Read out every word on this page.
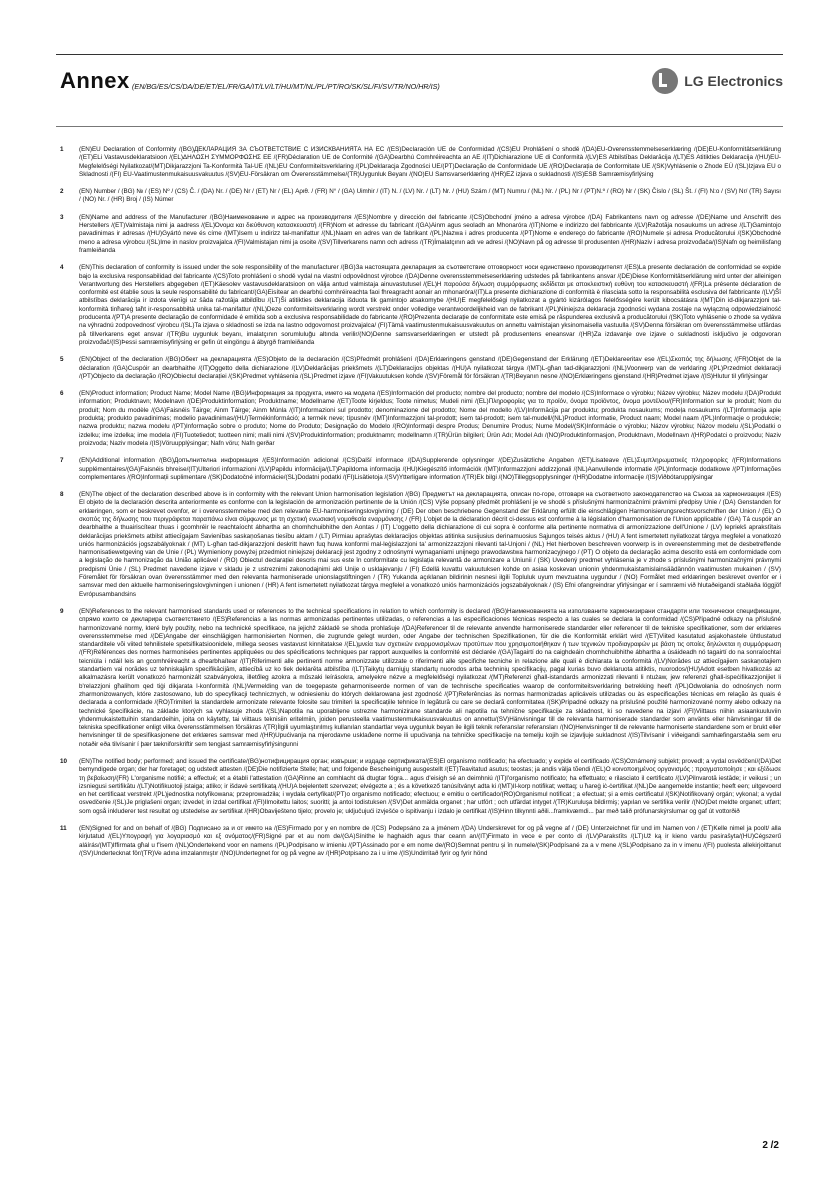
Annex (EN/BG/ES/CS/DA/DE/ET/EL/FR/GA/IT/LV/LT/HU/MT/NL/PL/PT/RO/SK/SL/FI/SV/TR/NO/HR/IS)	LG Electronics
1	(EN)EU Declaration of Conformity /(BG)ДЕКЛАРАЦИЯ ЗА СЪОТВЕТСТВИЕ С ИЗИСКВАНИЯТА НА ЕС /(ES)Declaración UE de Conformidad /(CS)EU Prohlášení o shodě /(DA)EU-Overensstemmelseserklæring /(DE)EU-Konformitätserklärung /(ET)ELi Vastavusdeklaratsioon /(EL)ΔΗΛΩΣΗ ΣΥΜΜΟΡΦΩΣΗΣ ΕΕ /(FR)Déclaration UE de Conformité /(GA)Dearbhú Comhréireachta an AE /(IT)Dichiarazione UE di Conformità /(LV)ES Atbilstības Deklarācija /(LT)ES Atitikties Deklaracija /(HU)EU-Megfelelőségi Nyilatkozat/(MT)Dikjarazzjoni Ta-Konformità Tal-UE /(NL)EU Conformiteitsverklaring /(PL)Deklaracja Zgodności UE/(PT)Declaração de Conformidade UE /(RO)Declarația de Conformitate UE /(SK)Vyhlásenie o Zhode EÚ /(SL)Izjava EU o Skladnosti /(FI) EU-Vaatimustenmukaisuusvakuutus /(SV)EU-Försäkran om Överensstämmelse/(TR)Uygunluk Beyanı /(NO)EU Samsvarserklæring /(HR)EZ izjava o sukladnosti /(IS)ESB Samræmisyfirlýsing
2	(EN) Number / (BG) № / (ES) Nº / (CS) Č. / (DA) Nr. / (DE) Nr / (ET) Nr / (EL) Αριθ. / (FR) N° / (GA) Uimhir / (IT) N. / (LV) Nr. / (LT) Nr. / (HU) Szám / (MT) Numru / (NL) Nr. / (PL) Nr / (PT)N.º / (RO) Nr / (SK) Číslo / (SL) Št. / (FI) N:o / (SV) Nr/ (TR) Sayısı / (NO) Nr. / (HR) Broj / (IS) Númer
3	(EN)Name and address of the Manufacturer /(BG)Наименование и адрес на производителя /(ES)Nombre y dirección del fabricante /(CS)Obchodní jméno a adresa výrobce /(DA) Fabrikantens navn og adresse /(DE)Name und Anschrift des Herstellers /(ET)Valmistaja nimi ja aadress /(EL)Όνομα και διεύθυνση κατασκευαστή /(FR)Nom et adresse du fabricant /(GA)Ainm agus seoladh an Mhonaróra /(IT)Nome e indirizzo del fabbricante /(LV)Ražotāja nosaukums un adrese /(LT)Gamintojo pavadinimas ir adresas /(HU)Gyártó neve és címe /(MT)Isem u indirizz tal-manifattur /(NL)Naam en adres van de fabrikant /(PL)Nazwa i adres producenta /(PT)Nome e endereço do fabricante /(RO)Numele și adresa Producătorului /(SK)Obchodné meno a adresa výrobcu /(SL)Ime in naslov proizvajalca /(FI)Valmistajan nimi ja osoite /(SV)Tillverkarens namn och adress /(TR)İmalatçının adı ve adresi /(NO)Navn på og adresse til produsenten /(HR)Naziv i adresa proizvođača/(IS)Nafn og heimilisfang framleiðanda
4	(EN)This declaration of conformity is issued under the sole responsibility of the manufacturer /(BG)За настоящата декларация за съответствие отговорност носи единствено производителят /(ES)La presente declaración de conformidad se expide bajo la exclusiva responsabilidad del fabricante /(CS)Toto prohlášení o shodě vydal na vlastní odpovědnost výrobce /(DA)Denne overensstemmelseserklæring udstedes på fabrikantens ansvar /(DE)Diese Konformitätserklärung wird unter der alleinigen Verantwortung des Herstellers abgegeben /(ET)Käesolev vastavusdeklaratsioon on välja antud valmistaja ainuvastutusel /(EL)Η παρούσα δήλωση συμμόρφωσης εκδίδεται με αποκλειστική ευθύνη του κατασκευαστή /(FR)La présente déclaration de conformité est établie sous la seule responsabilité du fabricant/(GA)Eisítear an dearbhú comhréireachta faoi fhreagracht aonair an mhonaróra/(IT)La presente dichiarazione di conformità è rilasciata sotto la responsabilità esclusiva del fabbricante /(LV)Šī atbilstības deklarācija ir izdota vienīgi uz šāda ražotāja atbildību /(LT)Ši atitikties deklaracija išduota tik gamintojo atsakomybe /(HU)E megfelelőségi nyilatkozat a gyártó kizárólagos felelősségére került kibocsátásra /(MT)Din id-dikjarazzjoni tal-konformità tinħareġ taħt ir-responsabbiltà unika tal-manifattur /(NL)Deze conformiteitsverklaring wordt verstrekt onder volledige verantwoordelijkheid van de fabrikant /(PL)Niniejsza deklaracja zgodności wydana zostaje na wyłączną odpowiedzialność producenta /(PT)A presente declaração de conformidade é emitida sob a exclusiva responsabilidade do fabricante /(RO)Prezenta declarație de conformitate este emisă pe răspunderea exclusivă a producătorului /(SK)Toto vyhlásenie o zhode sa vydáva na výhradnú zodpovednosť výrobcu /(SL)Ta izjava o skladnosti se izda na lastno odgovornost proizvajalca/ (FI)Tämä vaatimustenmukaisuusvakuutus on annettu valmistajan yksinomaisella vastuulla /(SV)Denna försäkran om överensstämmelse utfärdas på tillverkarens eget ansvar /(TR)Bu uygunluk beyanı, imalatçının sorumluluğu altında verilir/(NO)Denne samsvarserklæringen er utstedt på produsentens eneansvar /(HR)Za izdavanje ove izjave o sukladnosti isključivo je odgovoran proizvođač/(IS)Þessi samræmisyfirlýsing er gefin út eingöngu á ábyrgð framleiðanda
5	(EN)Object of the declaration /(BG)Обект на декларацията /(ES)Objeto de la declaración /(CS)Předmět prohlášení /(DA)Erklæringens genstand /(DE)Gegenstand der Erklärung /(ET)Deklareeritav ese /(EL)Σκοπός της δήλωσης /(FR)Objet de la déclaration /(GA)Cuspóir an dearbhaithe /(IT)Oggetto della dichiarazione /(LV)Deklarācijas priekšmets /(LT)Deklaracijos objektas /(HU)A nyilatkozat tárgya /(MT)L-għan tad-dikjarazzjoni /(NL)Voorwerp van de verklaring /(PL)Przedmiot deklaracji /(PT)Objecto da declaração /(RO)Obiectul declarației /(SK)Predmet vyhlásenia /(SL)Predmet izjave /(FI)Vakuutuksen kohde /(SV)Föremål för försäkran /(TR)Beyanın nesne /(NO)Erklæringens gjenstand /(HR)Predmet izjave /(IS)Hlutur til yfirlýsingar
6	(EN)Product information; Product Name; Model Name /(BG)Информация за продукта, името на модела /(ES)Información del producto; nombre del producto; nombre del modelo /(CS)Informace o výrobku; Název výrobku; Název modelu /(DA)Produkt information; Produktnavn; Modelnavn /(DE)Produktinformation; Produktname; Modellname /(ET)Toote kirjeldus; Toote nimetus; Mudeli nimi /(EL)Πληροφορίες για το προϊόν, όνομα προϊόντος, όνομα μοντέλου/(FR)Information sur le produit; Nom du produit; Nom du modèle /(GA)Faisnéis Táirge; Ainm Táirge; Ainm Múnla /(IT)Informazioni sul prodotto; denominazione del prodotto; Nome del modello /(LV)Informācija par produktu; produkta nosaukums; modeļa nosaukums /(LT)Informacija apie produktą; produkto pavadinimas; modelio pavadinimas/(HU)Termékinformáció; a termék neve; típusnév /(MT)Informazzjoni tal-prodott; isem tal-prodott; isem tal-mudell/(NL)Product informatie, Product naam; Model naam /(PL)Informacje o produkcie; nazwa produktu; nazwa modelu /(PT)Informação sobre o produto; Nome do Produto; Designação do Modelo /(RO)Informații despre Produs; Denumire Produs; Nume Model/(SK)Informácie o výrobku; Názov výrobku; Názov modelu /(SL)Podatki o izdelku; ime izdelka; ime modela /(FI)Tuotetiedot; tuotteen nimi; malli nimi /(SV)Produktinformation; produktnamn; modellnamn /(TR)Ürün bilgileri; Ürün Adı; Model Adı /(NO)Produktinformasjon, Produktnavn, Modellnavn /(HR)Podatci o proizvodu; Naziv proizvoda; Naziv modela /(IS)Vöruupplýsingar; Nafn vöru; Nafn gerðar
7	(EN)Additional information /(BG)Допълнителна информация /(ES)Información adicional /(CS)Další informace /(DA)Supplerende oplysninger /(DE)Zusätzliche Angaben /(ET)Lisateave /(EL)Συμπληρωματικές πληροφορίες /(FR)Informations supplémentaires/(GA)Faisnéis bhreise/(IT)Ulteriori informazioni /(LV)Papildu informācija/(LT)Papildoma informacija /(HU)Kiegészítő információk /(MT)Informazzjoni addizzjonali /(NL)Aanvullende informatie /(PL)Informacje dodatkowe /(PT)Informações complementares /(RO)Informații suplimentare /(SK)Dodatočné informácie/(SL)Dodatni podatki /(FI)Lisätietoja /(SV)Ytterligare information /(TR)Ek bilgi /(NO)Tilleggsopplysninger /(HR)Dodatne informacije /(IS)Viðbótarupplýsingar
8	(EN)The object of the declaration described above is in conformity with the relevant Union harmonisation legislation /(BG) Предметът на декларацията, описан по-горе, отговаря на съответното законодателство на Съюза за хармонизация /(ES) El objeto de la declaración descrita anteriormente es conforme con la legislación de armonización pertinente de la Unión /(CS) Výše popsaný předmět prohlášení je ve shodě s příslušnými harmonizačními právními předpisy Unie / (DA) Genstanden for erklæringen, som er beskrevet ovenfor, er i overensstemmelse med den relevante EU-harmoniseringslovgivning / (DE) Der oben beschriebene Gegenstand der Erklärung erfüllt die einschlägigen Harmonisierungsrechtsvorschriften der Union / (EL) Ο σκοπός της δήλωσης που περιγράφεται παραπάνω είναι σύμφωνος με τη σχετική ενωσιακή νομοθεσία εναρμόνισης / (FR) L'objet de la déclaration décrit ci-dessus est conforme à la législation d'harmonisation de l'Union applicable / (GA) Tá cuspóir an dearbhaithe a thuairiscítear thuas i gcomhréir le reachtaíocht ábhartha an chomhchuibhithe den Aontas / (IT) L'oggetto della dichiarazione di cui sopra è conforme alla pertinente normativa di armonizzazione dell'Unione / (LV) Iepriekš aprakstītais deklarācijas priekšmets atbilst attiecīgajam Savienības saskaņošanas tiesību aktam / (LT) Pirmiau aprašytas deklaracijos objektas atitinka susijusius derinamuosius Sąjungos teisės aktus / (HU) A fent ismertetett nyilatkozat tárgya megfelel a vonatkozó uniós harmonizációs jogszabályoknak / (MT) L-għan tad-dikjarazzjoni deskritt hawn fuq huwa konformi mal-leġislazzjoni ta' armonizzazzjoni rilevanti tal-Unjoni / (NL) Het hierboven beschreven voorwerp is in overeenstemming met de desbetreffende harmonisatiewetgeving van de Unie / (PL) Wymieniony powyżej przedmiot niniejszej deklaracji jest zgodny z odnośnymi wymaganiami unijnego prawodawstwa harmonizacyjnego / (PT) O objeto da declaração acima descrito está em conformidade com a legislação de harmonização da União aplicável / (RO) Obiectul declarației descris mai sus este în conformitate cu legislația relevantă de armonizare a Uniunii / (SK) Uvedený predmet vyhlásenia je v zhode s príslušnými harmonizačnými právnymi predpismi Únie / (SL) Predmet navedene izjave v skladu je z ustreznimi zakonodajnimi akti Unije o usklajevanju / (FI) Edellä kuvattu vakuutuksen kohde on asiaa koskevan unionin yhdenmukaistamislainsäädännön vaatimusten mukainen / (SV) Föremålet för försäkran ovan överensstämmer med den relevanta harmoniserade unionslagstiftningen / (TR) Yukarıda açıklanan bildirinin nesnesi ilgili Topluluk uyum mevzuatına uygundur / (NO) Formålet med erklæringen beskrevet ovenfor er i samsvar med den aktuelle harmoniseringslovgivningen i unionen / (HR) A fent ismertetett nyilatkozat tárgya megfelel a vonatkozó uniós harmonizációs jogszabályoknak / (IS) Efni ofangreindrar yfirlýsingar er í samræmi við hlutaðeigandi staðlaða löggjöf Evrópusambandsins
9	(EN)References to the relevant harmonised standards used or references to the technical specifications in relation to which conformity is declared /(BG)Наименованията на използваните хармонизирани стандарти или технически спецификации, спрямо които се декларира съответствието /(ES)Referencias a las normas armonizadas pertinentes utilizadas, o referencias a las especificaciones técnicas respecto a las cuales se declara la conformidad /(CS)Případné odkazy na příslušné harmonizované normy, které byly použity, nebo na technické specifikace, na jejichž základě se shoda prohlašuje /(DA)Referencer til de relevante anvendte harmoniserede standarder eller referencer til de tekniske specifikationer, som der erklæres overensstemmelse med /(DE)Angabe der einschlägigen harmonisierten Normen, die zugrunde gelegt wurden, oder Angabe der technischen Spezifikationen, für die die Konformität erklärt wird /(ET)Viited kasutatud asjakohastele ühtlustatud standarditele või viited tehnilistele spetsifikatsioonidele, millega seoses vastavust kinnitatakse /(EL)μνεία των σχετικών εναρμονισμένων προτύπων που χρησιμοποιήθηκαν ή των τεχνικών προδιαγραφών με βάση τις οποίες δηλώνεται η συμμόρφωση /(FR)Références des normes harmonisées pertinentes appliquées ou des spécifications techniques par rapport auxquelles la conformité est déclarée /(GA)Tagairtí do na caighdeáin chomhchuibhithe ábhartha a úsáideadh nó tagairtí do na sonraíochtaí teicniúla i ndáil leis an gcomhréireacht a dhearbhaítear /(IT)Riferimenti alle pertinenti norme armonizzate utilizzate o riferimenti alle specifiche tecniche in relazione alle quali è dichiarata la conformità /(LV)Norādes uz attiecīgajiem saskaņotajiem standartiem vai norādes uz tehniskajām specifikācijām, attiecībā uz ko tiek deklarēta atbilstība /(LT)Taikytų darniųjų standartų nuorodos arba techninių specifikacijų, pagal kurias buvo deklaruota atitiktis, nuorodos/(HU)Adott esetben hivatkozás az alkalmazásra került vonatkozó harmonizált szabványokra, illetőleg azokra a műszaki leírásokra, amelyekre nézve a megfelelőségi nyilatkozat /(MT)Referenzi għall-istandards armonizzati rilevanti li ntużaw, jew referenzi għall-ispeċifikazzjonijiet li b'relazzjoni għalihom qed tiġi dikjarata l-konformità /(NL)Vermelding van de toegepaste geharmoniseerde normen of van de technische specificaties waarop de conformiteitsverklaring betrekking heeft /(PL)Odwołania do odnośnych norm zharmonizowanych, które zastosowano, lub do specyfikacji technicznych, w odniesieniu do których deklarowana jest zgodność /(PT)Referências às normas harmonizadas aplicáveis utilizadas ou às especificações técnicas em relação às quais é declarada a conformidade /(RO)Trimiteri la standardele armonizate relevante folosite sau trimiteri la specificațiile tehnice în legătură cu care se declară conformitatea /(SK)Prípadné odkazy na príslušné použité harmonizované normy alebo odkazy na technické špecifikácie, na základe ktorých sa vyhlasuje zhoda /(SL)Napotila na uporabljene ustrezne harmonizirane standarde ali napotila na tehnične specifikacije za skladnost, ki so navedene na izjavi /(FI)Viittaus niihin asiaankuuluviin yhdenmukaistettuihin standardeihin, joita on käytetty, tai viittaus teknisiin eritelmiin, joiden perusteella vaatimustenmukaisuusvakuutus on annettu/(SV)Hänvisningar till de relevanta harmoniserade standarder som använts eller hänvisningar till de tekniska specifikationer enligt vilka överensstämmelsen försäkras /(TR)İlgili uyumlaştırılmış kullanılan standartlar veya uygunluk beyan ile ilgili teknik referanslar referansları /(NO)Henvisninger til de relevante harmoniserte standardene som er brukt eller henvisninger til de spesifikasjonene det erklæres samsvar med /(HR)Upućivanja na mjerodavne usklađene norme ili upućivanja na tehničke specifikacije na temelju kojih se izjavljuje sukladnost /(IS)Tilvísanir í viðeigandi samhæfingarstaðla sem eru notaðir eða tilvísanir í þær tækniforskriftir sem tengjast samræmisyfirlýsingunni
10	(EN)The notified body; performed; and issued the certificate/(BG)нотифициращия орган; извърши; и издаде сертификата/(ES)El organismo notificado; ha efectuado; y expide el certificado /(CS)Oznámený subjekt; provedl; a vydal osvědčení/(DA)Det bemyndigede organ; der har foretaget; og udstedt attesten /(DE)Die notifizierte Stelle; hat; und folgende Bescheinigung ausgestellt /(ET)Teavitatud asutus; teostas; ja andis välja tõendi /(EL)Ο κοινοποιημένος οργανισμός ; πραγματοποίησε ; και εξέδωσε τη βεβαίωση/(FR) L'organisme notifié; a effectué; et a établi l'attestation /(GA)Rinne an comhlacht dá dtugtar fógra... agus d'eisigh sé an deimhniú /(IT)l'organismo notificato; ha effettuato; e rilasciato il certificato /(LV)Pilnvarotā iestāde; ir veikusi ; un izsniegusi sertifikātu /(LT)Notifikuotoji įstaiga; atliko; ir išdavė sertifikatą /(HU)A bejelentett szervezet; elvégezte a ; és a következő tanúsítványt adta ki /(MT)Il-korp notifikat; wettaq; u ħareġ iċ-ċertifikat /(NL)De aangemelde instantie; heeft een; uitgevoerd en het certificaat verstrekt /(PL)jednostka notyfikowana; przeprowadziła; i wydała certyfikat/(PT)o organismo notificado; efectuou; e emitiu o certificado/(RO)Organismul notificat ; a efectuat; și a emis certificatul /(SK)Notifikovaný orgán; vykonal; a vydal osvedčenie /(SL)Je priglašeni organ; izvedel; in izdal certifikat /(FI)Ilmoitettu laitos; suoritti; ja antoi todistuksen /(SV)Det anmälda organet ; har utfört ; och utfärdat intyget /(TR)Kuruluşa bildirmiş; yapılan ve sertifika verilir /(NO)Det meldte organet; utført; som også inkluderer test resultat og utstedelse av sertifikat /(HR)Obaviješteno tijelo; provelo je; uključujući izvješće o ispitivanju i izdalo je certifikat /(IS)Hinn tilkynnti aðili...framkvæmdi... þar með talið prófunarskýrslumar og gaf út vottorðið
11	(EN)Signed for and on behalf of /(BG) Подписано за и от името на /(ES)Firmado por y en nombre de /(CS) Podepsáno za a jménem /(DA) Underskrevet for og på vegne af / (DE) Unterzeichnet für und im Namen von / (ET)Kelle nimel ja poolt/ alla kirjutatud /(EL)Υπογραφή για λογαριασμό και εξ ονόματος/(FR)Signé par et au nom de/(GA)Sínithe le haghaidh agus thar ceann an/(IT)Firmato in vece e per conto di /(LV)Parakstīts /(LT)Už ką ir kieno vardu pasirašyta/(HU)Cégszerű aláírás/(MT)Iffirmata għal u f'isem /(NL)Ondertekend voor en namens /(PL)Podpisano w imieniu /(PT)Assinado por e em nome de/(RO)Semnat pentru și în numele/(SK)Podpísané za a v mene /(SL)Podpisano za in v imenu /(FI) puolesta allekirjoittanut /(SV)Undertecknat för/(TR)Ve adına imzalanmıştır /(NO)Undertegnet for og på vegne av /(HR)Potpisano za i u ime /(IS)Undirritað fyrir og fyrir hönd
2 /2
